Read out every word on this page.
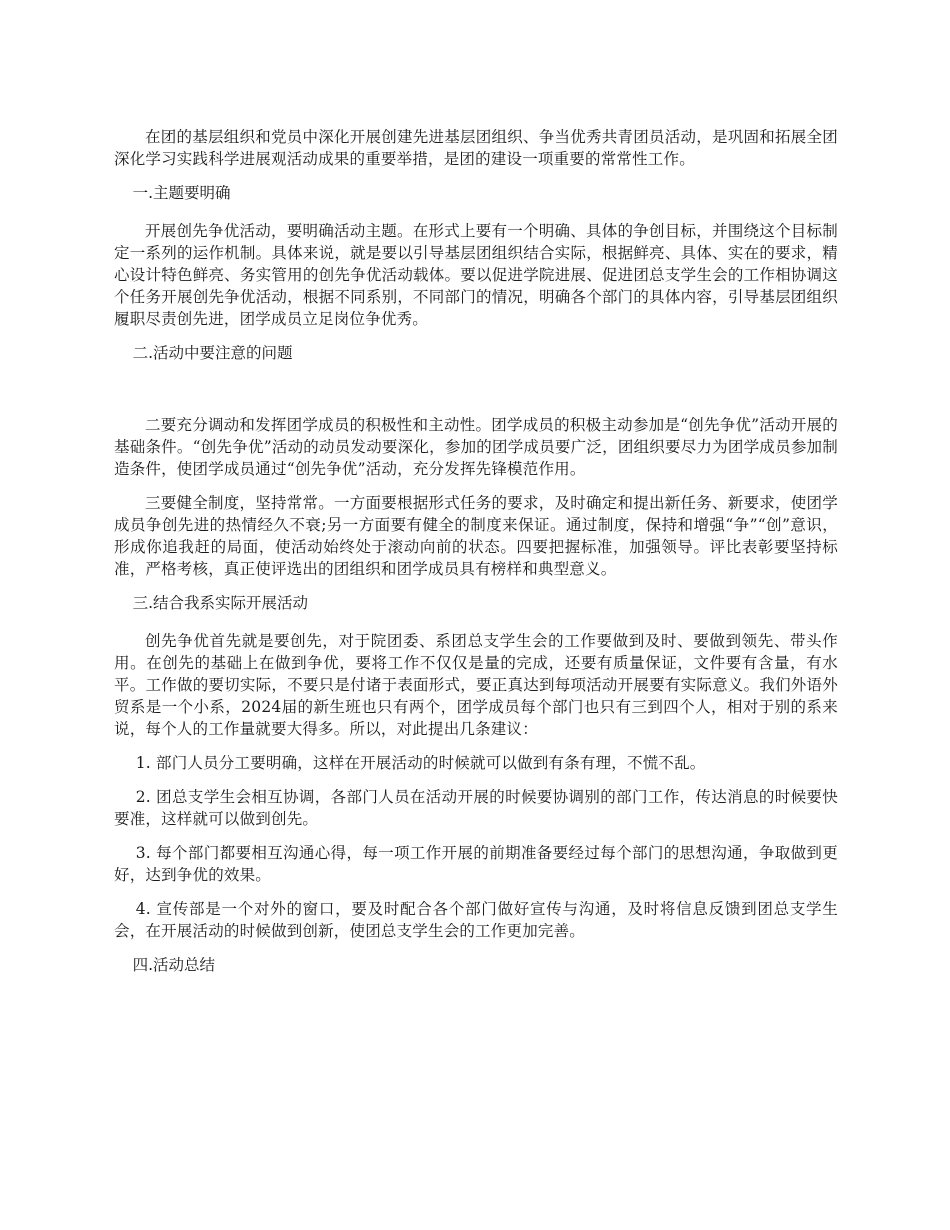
在团的基层组织和党员中深化开展创建先进基层团组织、争当优秀共青团员活动，是巩固和拓展全团深化学习实践科学进展观活动成果的重要举措，是团的建设一项重要的常常性工作。

一.主题要明确

开展创先争优活动，要明确活动主题。在形式上要有一个明确、具体的争创目标，并围绕这个目标制定一系列的运作机制。具体来说，就是要以引导基层团组织结合实际，根据鲜亮、具体、实在的要求，精心设计特色鲜亮、务实管用的创先争优活动载体。要以促进学院进展、促进团总支学生会的工作相协调这个任务开展创先争优活动，根据不同系别，不同部门的情况，明确各个部门的具体内容，引导基层团组织履职尽责创先进，团学成员立足岗位争优秀。

二.活动中要注意的问题

二要充分调动和发挥团学成员的积极性和主动性。团学成员的积极主动参加是“创先争优”活动开展的基础条件。“创先争优”活动的动员发动要深化，参加的团学成员要广泛，团组织要尽力为团学成员参加制造条件，使团学成员通过“创先争优”活动，充分发挥先锋模范作用。

三要健全制度，坚持常常。一方面要根据形式任务的要求，及时确定和提出新任务、新要求，使团学成员争创先进的热情经久不衰;另一方面要有健全的制度来保证。通过制度，保持和增强“争”“创”意识，形成你追我赶的局面，使活动始终处于滚动向前的状态。四要把握标准，加强领导。评比表彰要坚持标准，严格考核，真正使评选出的团组织和团学成员具有榜样和典型意义。

三.结合我系实际开展活动

创先争优首先就是要创先，对于院团委、系团总支学生会的工作要做到及时、要做到领先、带头作用。在创先的基础上在做到争优，要将工作不仅仅是量的完成，还要有质量保证，文件要有含量，有水平。工作做的要切实际，不要只是付诸于表面形式，要正真达到每项活动开展要有实际意义。我们外语外贸系是一个小系，2024届的新生班也只有两个，团学成员每个部门也只有三到四个人，相对于别的系来说，每个人的工作量就要大得多。所以，对此提出几条建议：

1. 部门人员分工要明确，这样在开展活动的时候就可以做到有条有理，不慌不乱。

2. 团总支学生会相互协调，各部门人员在活动开展的时候要协调别的部门工作，传达消息的时候要快要准，这样就可以做到创先。

3. 每个部门都要相互沟通心得，每一项工作开展的前期准备要经过每个部门的思想沟通，争取做到更好，达到争优的效果。

4. 宣传部是一个对外的窗口，要及时配合各个部门做好宣传与沟通，及时将信息反馈到团总支学生会，在开展活动的时候做到创新，使团总支学生会的工作更加完善。

四.活动总结
